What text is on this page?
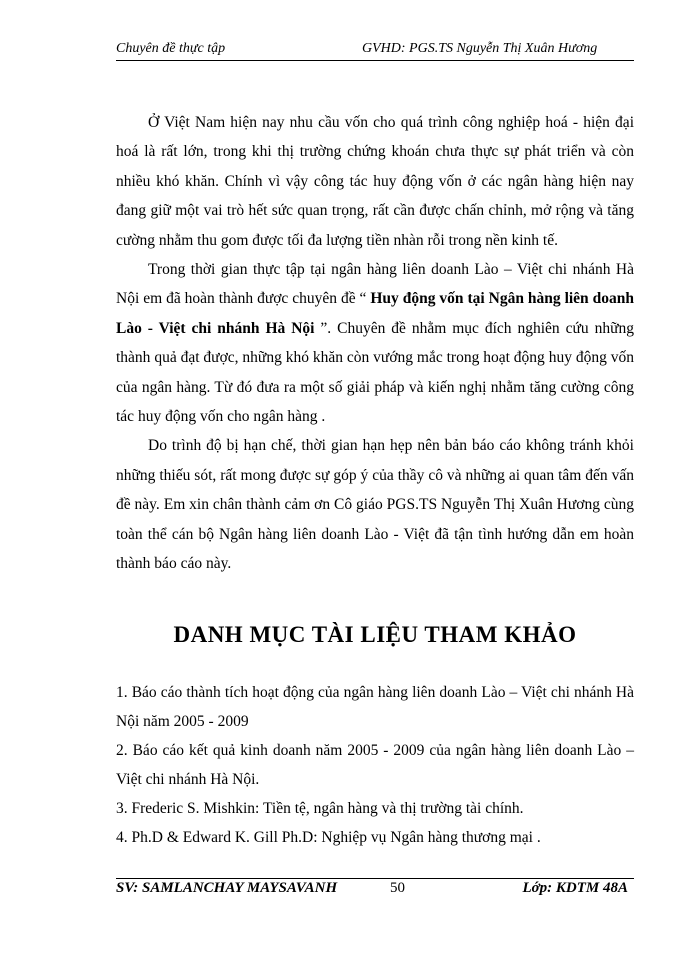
Chuyên đề thực tập	GVHD: PGS.TS Nguyễn Thị Xuân Hương

Ở Việt Nam hiện nay nhu cầu vốn cho quá trình công nghiệp hoá - hiện đại hoá là rất lớn, trong khi thị trường chứng khoán chưa thực sự phát triển và còn nhiều khó khăn. Chính vì vậy công tác huy động vốn ở các ngân hàng hiện nay đang giữ một vai trò hết sức quan trọng, rất cần được chấn chỉnh, mở rộng và tăng cường nhằm thu gom được tối đa lượng tiền nhàn rỗi trong nền kinh tế.

Trong thời gian thực tập tại ngân hàng liên doanh Lào – Việt chi nhánh Hà Nội em đã hoàn thành được chuyên đề “ Huy động vốn tại Ngân hàng liên doanh Lào - Việt chi nhánh Hà Nội ”. Chuyên đề nhằm mục đích nghiên cứu những thành quả đạt được, những khó khăn còn vướng mắc trong hoạt động huy động vốn của ngân hàng. Từ đó đưa ra một số giải pháp và kiến nghị nhằm tăng cường công tác huy động vốn cho ngân hàng .

Do trình độ bị hạn chế, thời gian hạn hẹp nên bản báo cáo không tránh khỏi những thiếu sót, rất mong được sự góp ý của thầy cô và những ai quan tâm đến vấn đề này. Em xin chân thành cảm ơn Cô giáo PGS.TS Nguyễn Thị Xuân Hương cùng toàn thể cán bộ Ngân hàng liên doanh Lào - Việt đã tận tình hướng dẫn em hoàn thành báo cáo này.

DANH MỤC TÀI LIỆU THAM KHẢO

1. Báo cáo thành tích hoạt động của ngân hàng liên doanh Lào – Việt chi nhánh Hà Nội năm 2005 - 2009

2. Báo cáo kết quả kinh doanh năm 2005 - 2009 của ngân hàng liên doanh Lào – Việt chi nhánh Hà Nội.

3. Frederic S. Mishkin: Tiền tệ, ngân hàng và thị trường tài chính.

4. Ph.D & Edward K. Gill Ph.D: Nghiệp vụ Ngân hàng thương mại .

SV: SAMLANCHAY MAYSAVANH	50	Lớp: KDTM 48A
